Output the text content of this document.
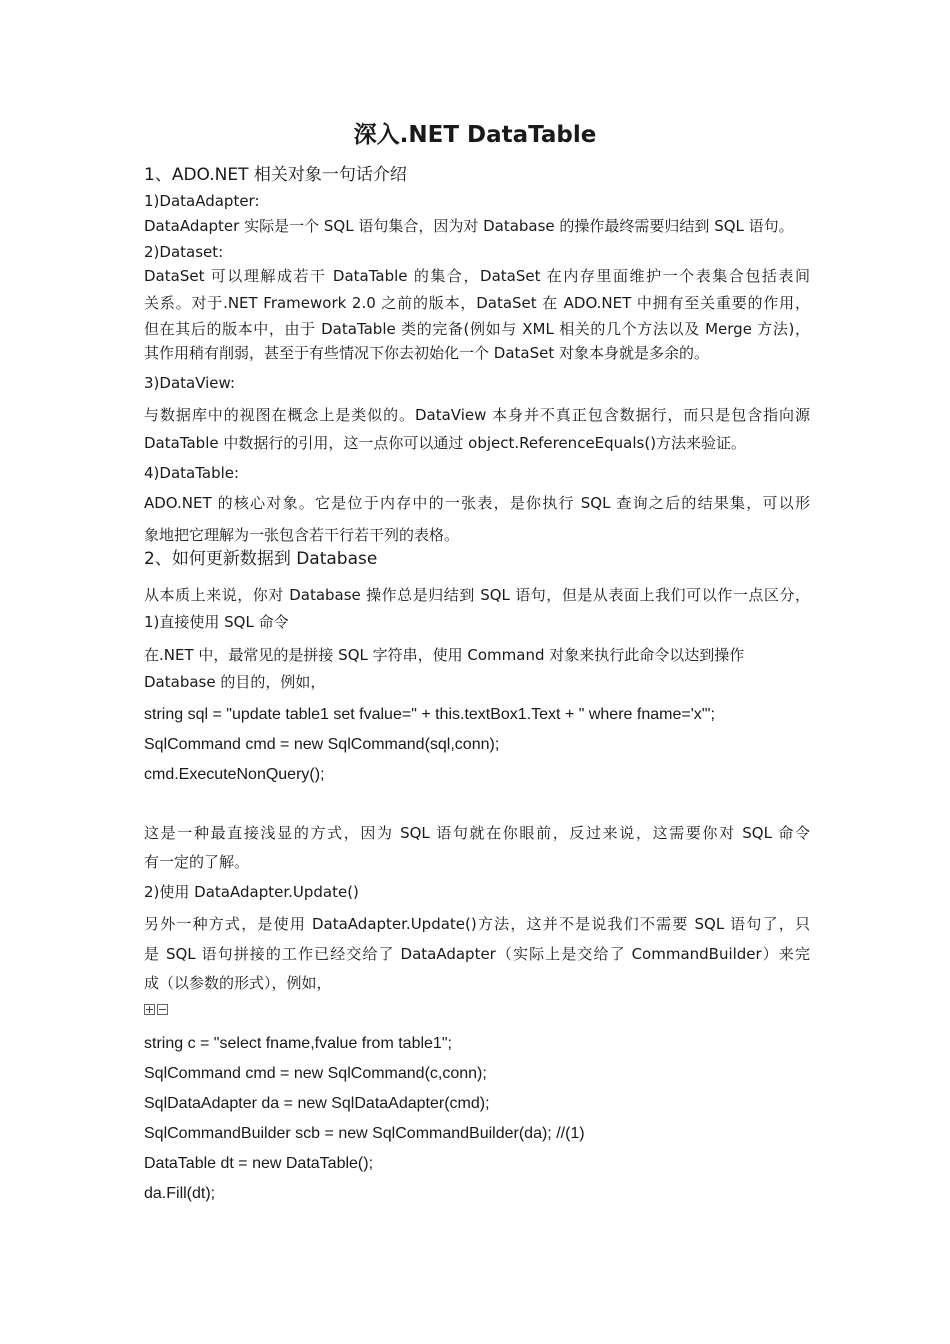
深入.NET DataTable
1、ADO.NET 相关对象一句话介绍
1)DataAdapter:
DataAdapter 实际是一个 SQL 语句集合，因为对 Database 的操作最终需要归结到 SQL 语句。
2)Dataset:
DataSet 可以理解成若干 DataTable 的集合，DataSet 在内存里面维护一个表集合包括表间
关系。对于.NET Framework 2.0 之前的版本，DataSet 在 ADO.NET 中拥有至关重要的作用，
但在其后的版本中，由于 DataTable 类的完备(例如与 XML 相关的几个方法以及 Merge 方法)，
其作用稍有削弱，甚至于有些情况下你去初始化一个 DataSet 对象本身就是多余的。
3)DataView:
与数据库中的视图在概念上是类似的。DataView 本身并不真正包含数据行，而只是包含指向源
DataTable 中数据行的引用，这一点你可以通过 object.ReferenceEquals()方法来验证。
4)DataTable:
ADO.NET 的核心对象。它是位于内存中的一张表，是你执行 SQL 查询之后的结果集，可以形
象地把它理解为一张包含若干行若干列的表格。
2、如何更新数据到 Database
从本质上来说，你对 Database 操作总是归结到 SQL 语句，但是从表面上我们可以作一点区分，
1)直接使用 SQL 命令
在.NET 中，最常见的是拼接 SQL 字符串，使用 Command 对象来执行此命令以达到操作
Database 的目的，例如，
string sql = "update table1 set fvalue=" + this.textBox1.Text + " where fname='x'";
SqlCommand cmd = new SqlCommand(sql,conn);
cmd.ExecuteNonQuery();
这是一种最直接浅显的方式，因为 SQL 语句就在你眼前，反过来说，这需要你对 SQL 命令
有一定的了解。
2)使用 DataAdapter.Update()
另外一种方式，是使用 DataAdapter.Update()方法，这并不是说我们不需要 SQL 语句了，只
是 SQL 语句拼接的工作已经交给了 DataAdapter（实际上是交给了 CommandBuilder）来完
成（以参数的形式），例如，
string c = "select fname,fvalue from table1";
SqlCommand cmd = new SqlCommand(c,conn);
SqlDataAdapter da = new SqlDataAdapter(cmd);
SqlCommandBuilder scb = new SqlCommandBuilder(da); //(1)
DataTable dt = new DataTable();
da.Fill(dt);
